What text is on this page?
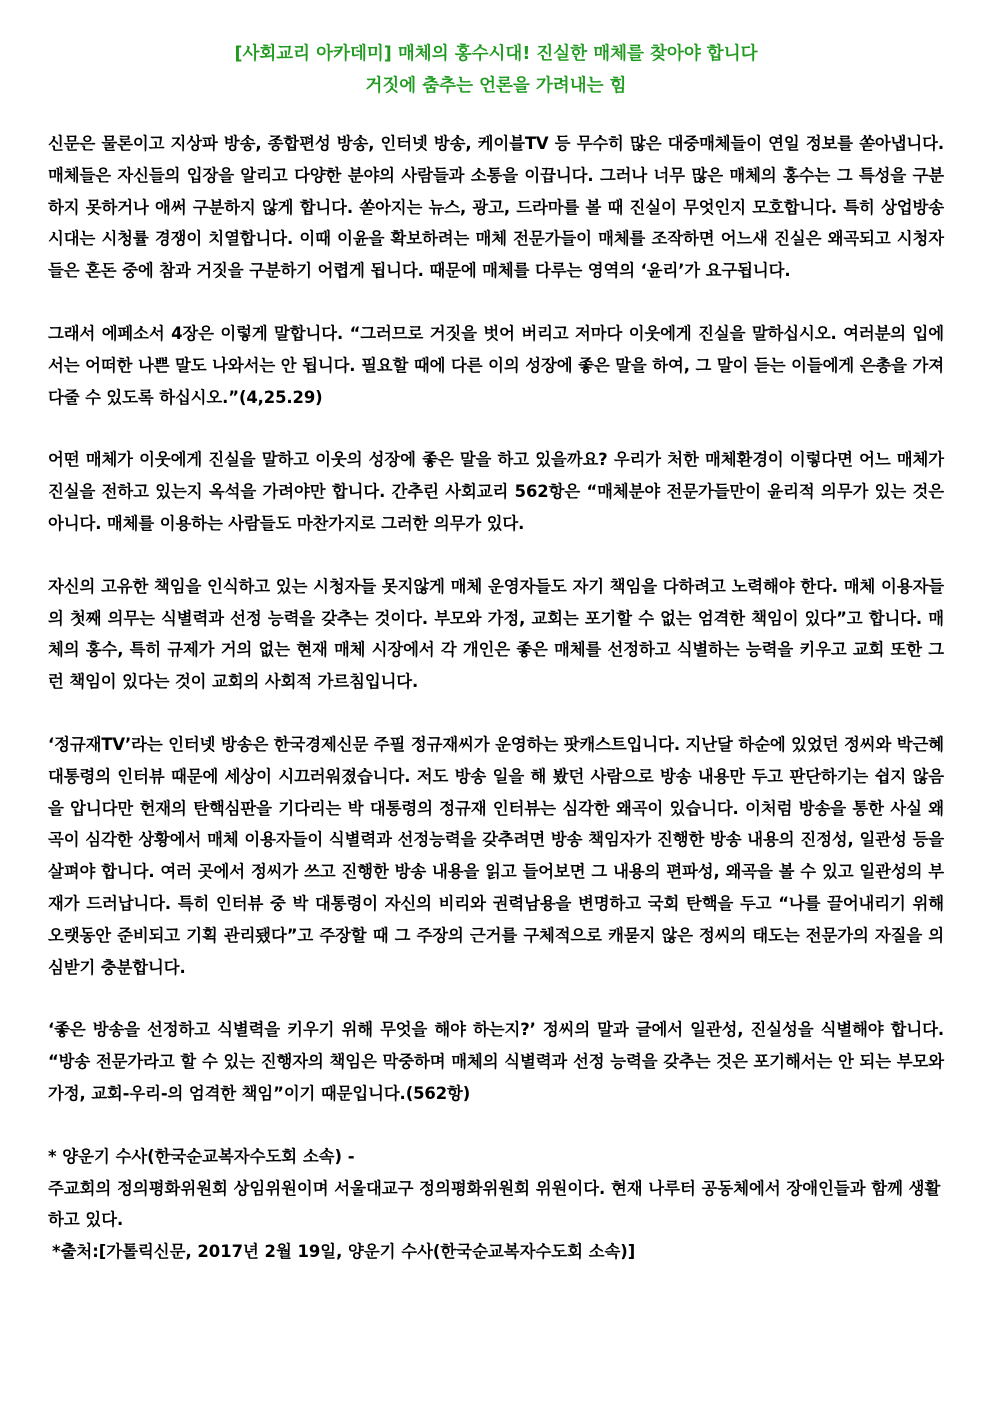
[사회교리 아카데미] 매체의 홍수시대! 진실한 매체를 찾아야 합니다
거짓에 춤추는 언론을 가려내는 힘

신문은 물론이고 지상파 방송, 종합편성 방송, 인터넷 방송, 케이블TV 등 무수히 많은 대중매체들이 연일 정보를 쏟아냅니다. 매체들은 자신들의 입장을 알리고 다양한 분야의 사람들과 소통을 이끕니다. 그러나 너무 많은 매체의 홍수는 그 특성을 구분하지 못하거나 애써 구분하지 않게 합니다. 쏟아지는 뉴스, 광고, 드라마를 볼 때 진실이 무엇인지 모호합니다. 특히 상업방송 시대는 시청률 경쟁이 치열합니다. 이때 이윤을 확보하려는 매체 전문가들이 매체를 조작하면 어느새 진실은 왜곡되고 시청자들은 혼돈 중에 참과 거짓을 구분하기 어렵게 됩니다. 때문에 매체를 다루는 영역의 ‘윤리’가 요구됩니다.

그래서 에페소서 4장은 이렇게 말합니다. “그러므로 거짓을 벗어 버리고 저마다 이웃에게 진실을 말하십시오. 여러분의 입에서는 어떠한 나쁜 말도 나와서는 안 됩니다. 필요할 때에 다른 이의 성장에 좋은 말을 하여, 그 말이 듣는 이들에게 은총을 가져다줄 수 있도록 하십시오.”(4,25.29)

어떤 매체가 이웃에게 진실을 말하고 이웃의 성장에 좋은 말을 하고 있을까요? 우리가 처한 매체환경이 이렇다면 어느 매체가 진실을 전하고 있는지 옥석을 가려야만 합니다. 간추린 사회교리 562항은 “매체분야 전문가들만이 윤리적 의무가 있는 것은 아니다. 매체를 이용하는 사람들도 마찬가지로 그러한 의무가 있다.

자신의 고유한 책임을 인식하고 있는 시청자들 못지않게 매체 운영자들도 자기 책임을 다하려고 노력해야 한다. 매체 이용자들의 첫째 의무는 식별력과 선정 능력을 갖추는 것이다. 부모와 가정, 교회는 포기할 수 없는 엄격한 책임이 있다”고 합니다. 매체의 홍수, 특히 규제가 거의 없는 현재 매체 시장에서 각 개인은 좋은 매체를 선정하고 식별하는 능력을 키우고 교회 또한 그런 책임이 있다는 것이 교회의 사회적 가르침입니다.

‘정규재TV’라는 인터넷 방송은 한국경제신문 주필 정규재씨가 운영하는 팟캐스트입니다. 지난달 하순에 있었던 정씨와 박근혜 대통령의 인터뷰 때문에 세상이 시끄러워졌습니다. 저도 방송 일을 해 봤던 사람으로 방송 내용만 두고 판단하기는 쉽지 않음을 압니다만 헌재의 탄핵심판을 기다리는 박 대통령의 정규재 인터뷰는 심각한 왜곡이 있습니다. 이처럼 방송을 통한 사실 왜곡이 심각한 상황에서 매체 이용자들이 식별력과 선정능력을 갖추려면 방송 책임자가 진행한 방송 내용의 진정성, 일관성 등을 살펴야 합니다. 여러 곳에서 정씨가 쓰고 진행한 방송 내용을 읽고 들어보면 그 내용의 편파성, 왜곡을 볼 수 있고 일관성의 부재가 드러납니다. 특히 인터뷰 중 박 대통령이 자신의 비리와 권력남용을 변명하고 국회 탄핵을 두고 “나를 끌어내리기 위해 오랫동안 준비되고 기획 관리됐다”고 주장할 때 그 주장의 근거를 구체적으로 캐묻지 않은 정씨의 태도는 전문가의 자질을 의심받기 충분합니다.

‘좋은 방송을 선정하고 식별력을 키우기 위해 무엇을 해야 하는지?’ 정씨의 말과 글에서 일관성, 진실성을 식별해야 합니다. “방송 전문가라고 할 수 있는 진행자의 책임은 막중하며 매체의 식별력과 선정 능력을 갖추는 것은 포기해서는 안 되는 부모와 가정, 교회-우리-의 엄격한 책임”이기 때문입니다.(562항)

* 양운기 수사(한국순교복자수도회 소속) -
주교회의 정의평화위원회 상임위원이며 서울대교구 정의평화위원회 위원이다. 현재 나루터 공동체에서 장애인들과 함께 생활하고 있다.
*출처:[가톨릭신문, 2017년 2월 19일, 양운기 수사(한국순교복자수도회 소속)]
